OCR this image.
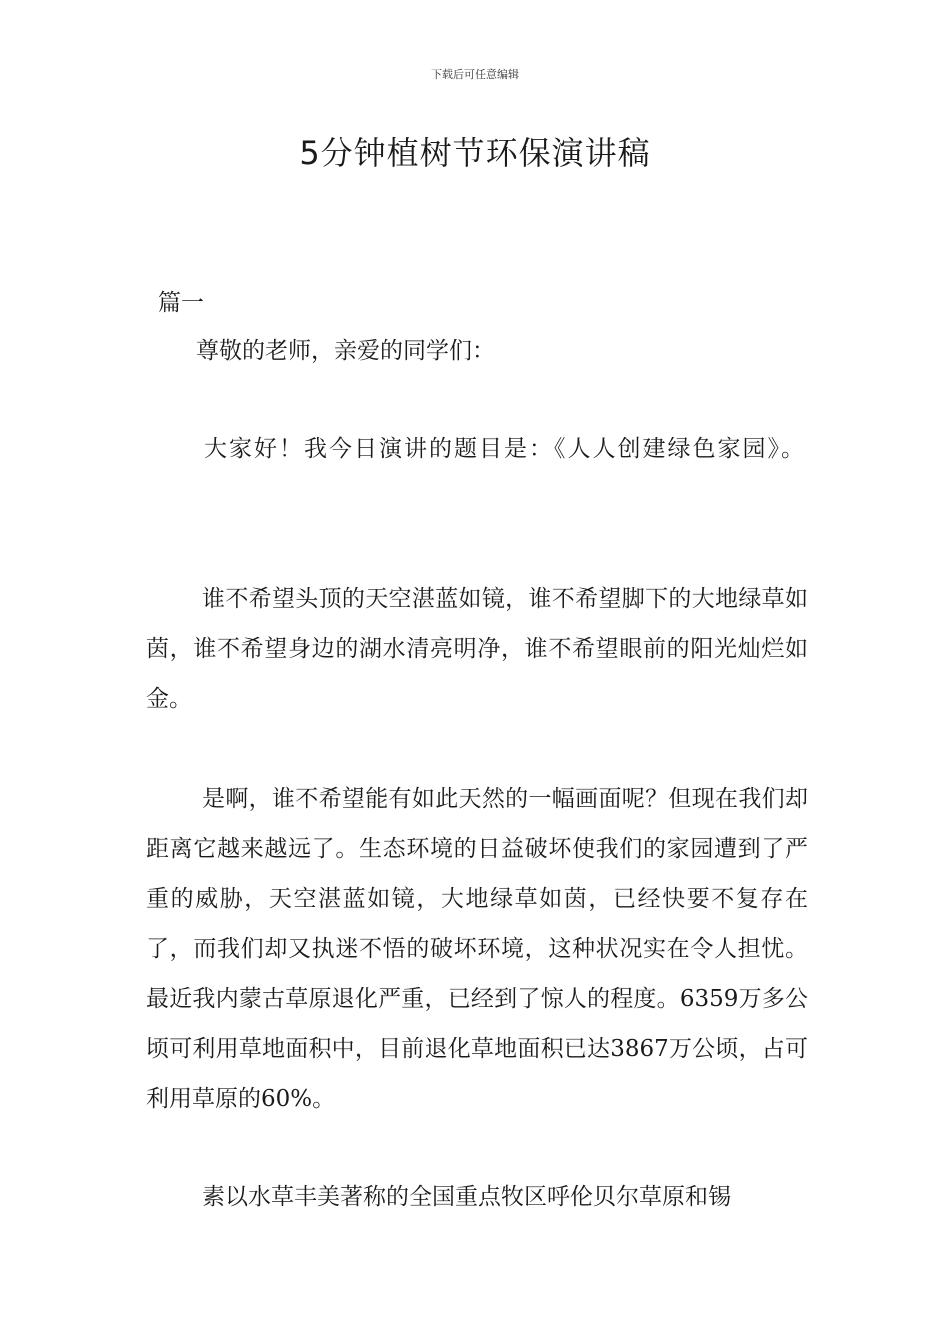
下载后可任意编辑
5分钟植树节环保演讲稿
篇一

尊敬的老师，亲爱的同学们：

大家好！我今日演讲的题目是：《人人创建绿色家园》。

谁不希望头顶的天空湛蓝如镜，谁不希望脚下的大地绿草如茵，谁不希望身边的湖水清亮明净，谁不希望眼前的阳光灿烂如金。

是啊，谁不希望能有如此天然的一幅画面呢？但现在我们却距离它越来越远了。生态环境的日益破坏使我们的家园遭到了严重的威胁，天空湛蓝如镜，大地绿草如茵，已经快要不复存在了，而我们却又执迷不悟的破坏环境，这种状况实在令人担忧。最近我内蒙古草原退化严重，已经到了惊人的程度。6359万多公顷可利用草地面积中，目前退化草地面积已达3867万公顷，占可利用草原的60%。

素以水草丰美著称的全国重点牧区呼伦贝尔草原和锡
